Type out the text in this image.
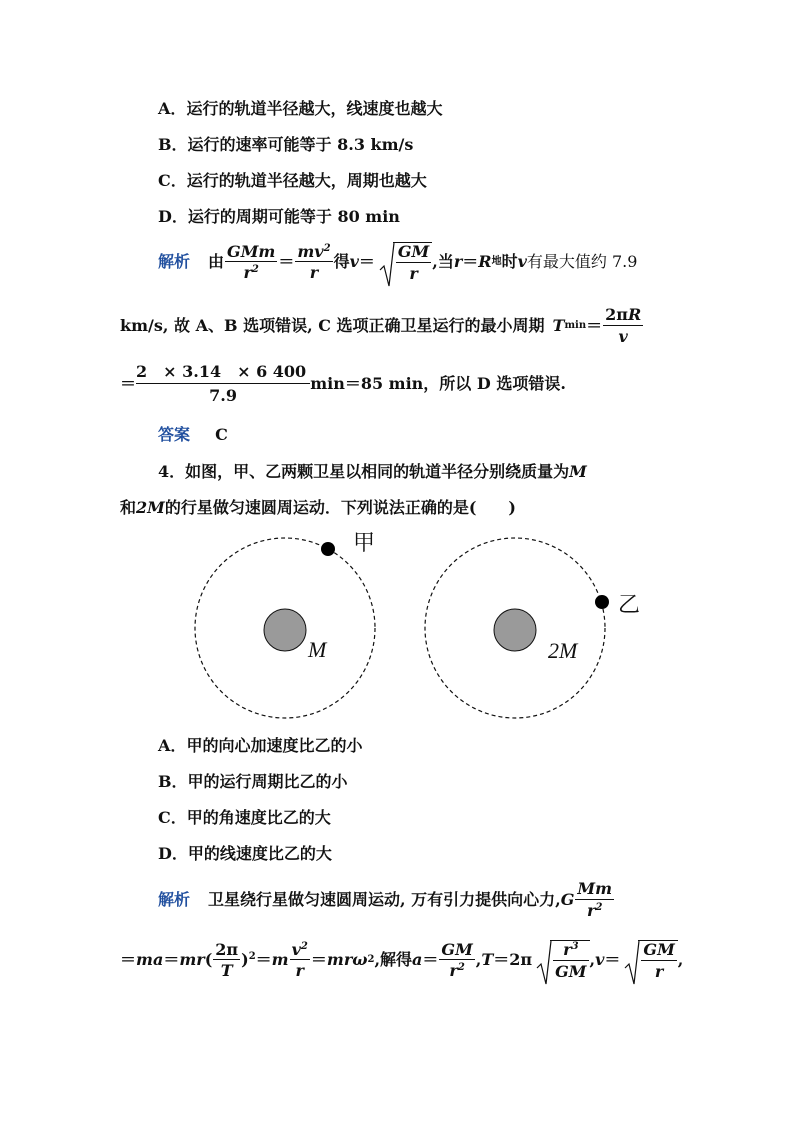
A．运行的轨道半径越大，线速度也越大
B．运行的速率可能等于 8.3 km/s
C．运行的轨道半径越大，周期也越大
D．运行的周期可能等于 80 min
解析 由 $\frac{\text{GMm}}{r^2} = \frac{mv^2}{r}$ 得 $v = \frac{GM}{r}$ ,当 r ＝ R 地 时 v 有最大值约 7.9
km/s, 故 A、B 选项错误, C 选项正确卫星运行的最小周期 T $\min = \frac{2\pi R}{v}$
＝ $\frac{2 \times 3.14 \times 6 400}{7.9} \min=85$ min，所以 D 选项错误.
答案 C
4．如图，甲、乙两颗卫星以相同的轨道半径分别绕质量为M
和2M的行星做匀速圆周运动．下列说法正确的是(　　)
甲
M
乙
2M
A．甲的向心加速度比乙的小
B．甲的运行周期比乙的小
C．甲的角速度比乙的大
D．甲的线速度比乙的大
解析 卫星绕行星做匀速圆周运动, 万有引力提供向心力, G $\frac{Mm}{r^2}$
＝ ma ＝ mr ( $\frac{2\pi}{T} )^2 = m \frac{v^2}{r} = mr\omega$ 2 ,解得 $a = \frac{GM}{r^2}$ , $T =2\pi \frac{r^3}{GM}$ , $v = \frac{GM}{r}$ ,
